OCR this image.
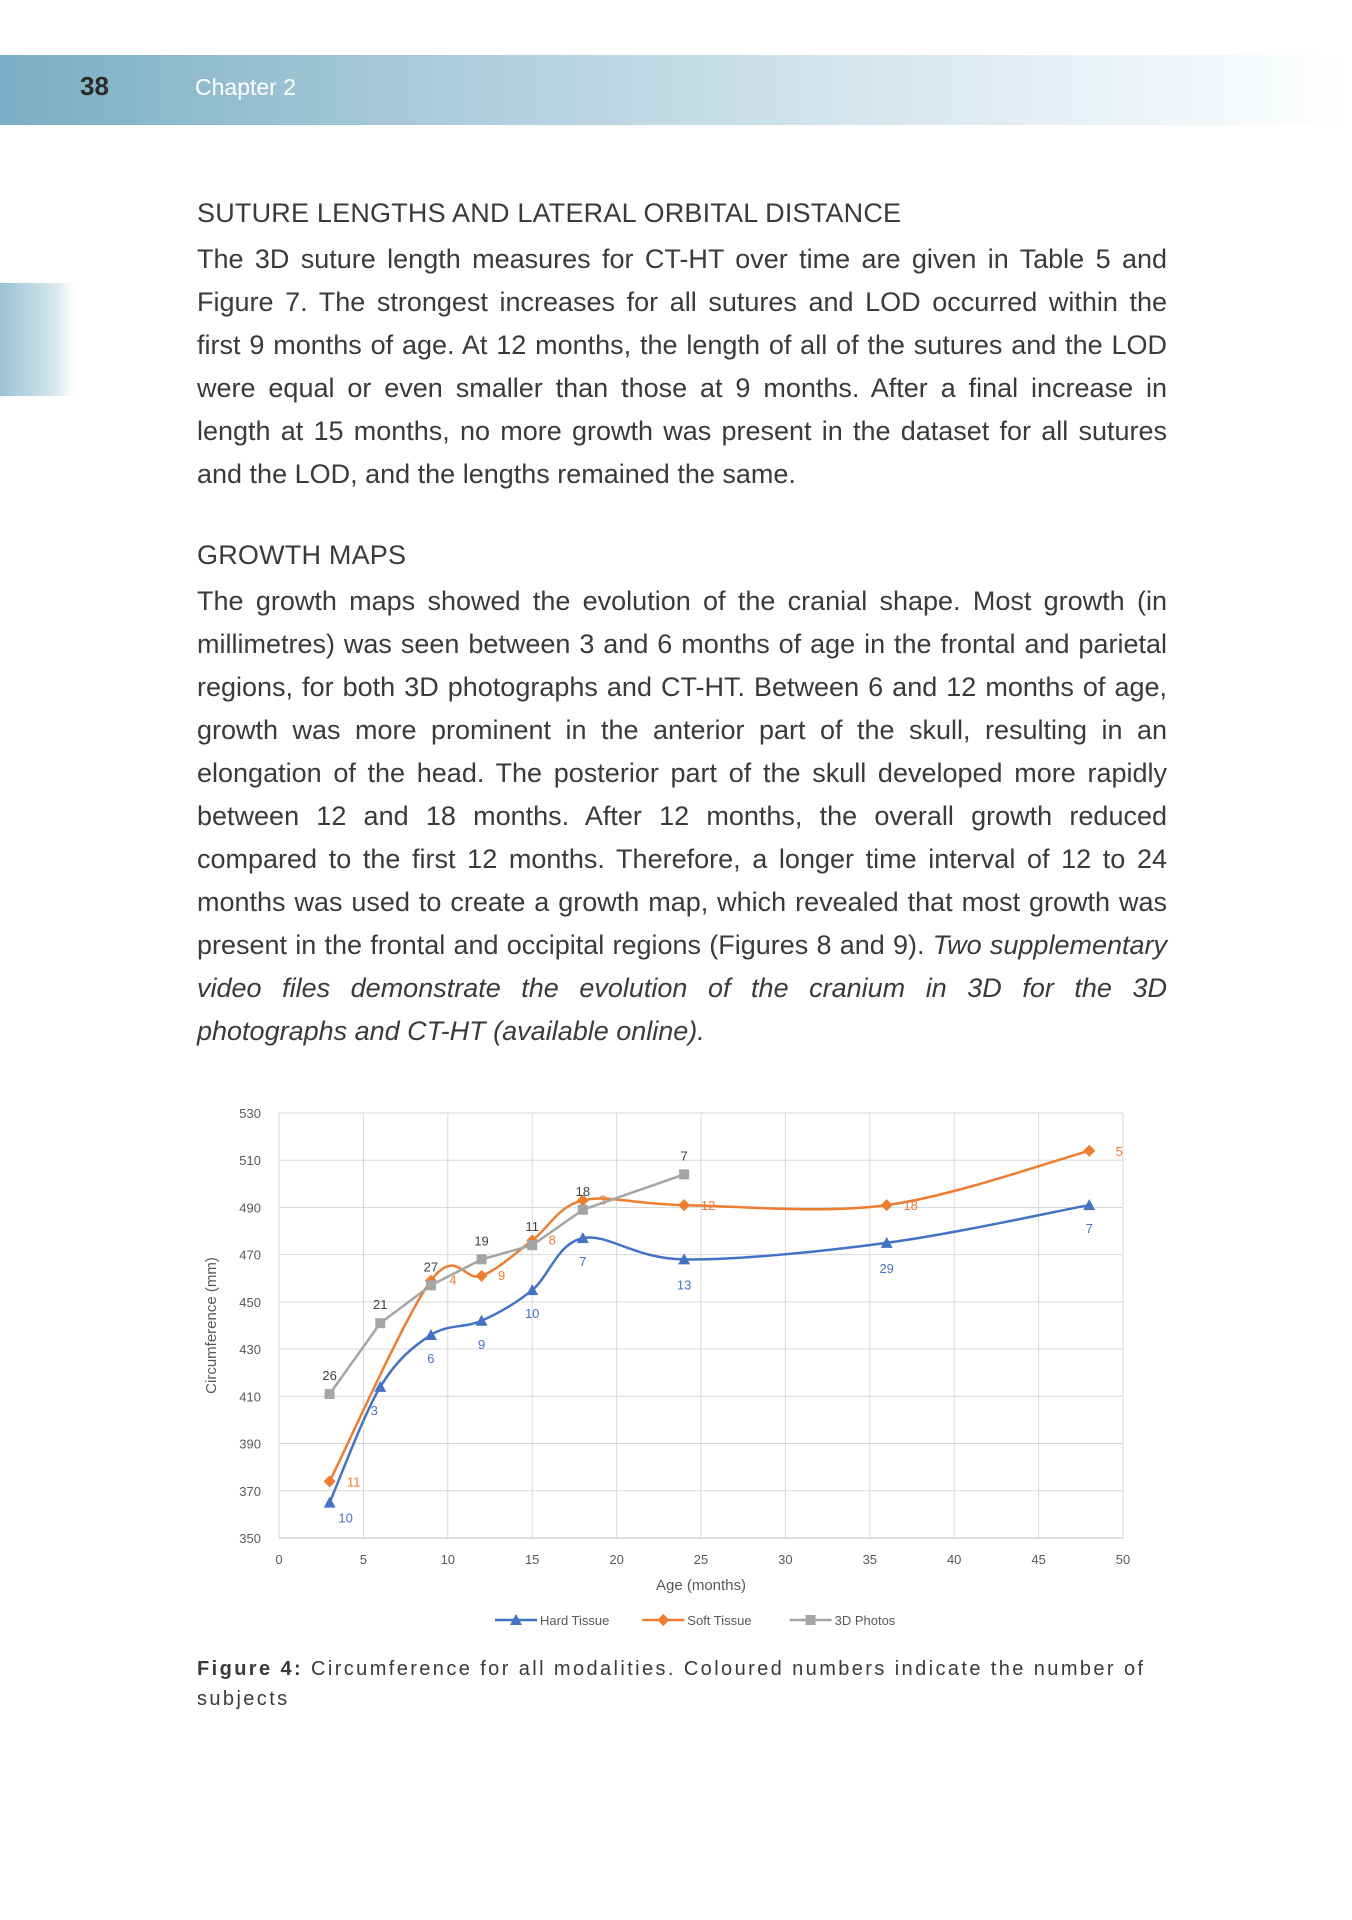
38	Chapter 2
SUTURE LENGTHS AND LATERAL ORBITAL DISTANCE
The 3D suture length measures for CT-HT over time are given in Table 5 and Figure 7. The strongest increases for all sutures and LOD occurred within the first 9 months of age. At 12 months, the length of all of the sutures and the LOD were equal or even smaller than those at 9 months. After a final increase in length at 15 months, no more growth was present in the dataset for all sutures and the LOD, and the lengths remained the same.
GROWTH MAPS
The growth maps showed the evolution of the cranial shape. Most growth (in millimetres) was seen between 3 and 6 months of age in the frontal and parietal regions, for both 3D photographs and CT-HT. Between 6 and 12 months of age, growth was more prominent in the anterior part of the skull, resulting in an elongation of the head. The posterior part of the skull developed more rapidly between 12 and 18 months. After 12 months, the overall growth reduced compared to the first 12 months. Therefore, a longer time interval of 12 to 24 months was used to create a growth map, which revealed that most growth was present in the frontal and occipital regions (Figures 8 and 9). Two supplementary video files demonstrate the evolution of the cranium in 3D for the 3D photographs and CT-HT (available online).
350
370
390
410
430
450
470
490
510
530
0	5	10	15	20	25	30	35	40	45	50
Age (months)
Circumference (mm)
11
4	9
8
3	12	18
5
10
3
6
9
10
7
13
29
7
26
21
27
19
11
18
7
Hard Tissue	Soft Tissue	3D Photos
Figure 4: Circumference for all modalities. Coloured numbers indicate the number of subjects
